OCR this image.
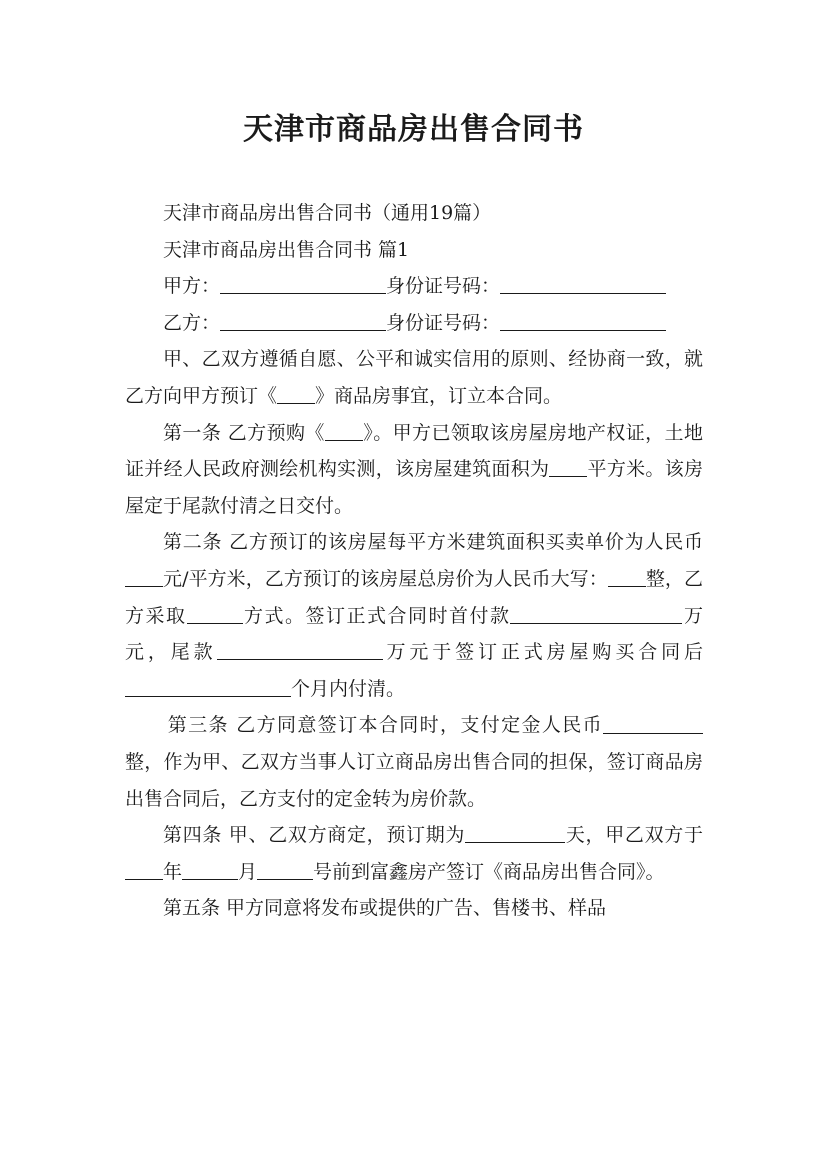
天津市商品房出售合同书

天津市商品房出售合同书（通用19篇）

天津市商品房出售合同书 篇1

甲方：	身份证号码：

乙方：	身份证号码：

甲、乙双方遵循自愿、公平和诚实信用的原则、经协商一致，就乙方向甲方预订《 》商品房事宜，订立本合同。

第一条 乙方预购《 》。甲方已领取该房屋房地产权证，土地证并经人民政府测绘机构实测，该房屋建筑面积为 平方米。该房屋定于尾款付清之日交付。

第二条 乙方预订的该房屋每平方米建筑面积买卖单价为人民币元/平方米，乙方预订的该房屋总房价为人民币大写： 整，乙方采取	方式。签订正式合同时首付款	万元，尾款	万元于签订正式房屋购买合同后个月内付清。

第三条 乙方同意签订本合同时，支付定金人民币整，作为甲、乙双方当事人订立商品房出售合同的担保，签订商品房出售合同后，乙方支付的定金转为房价款。

第四条 甲、乙双方商定，预订期为	天，甲乙双方于年	月	号前到富鑫房产签订《商品房出售合同》。

第五条 甲方同意将发布或提供的广告、售楼书、样品
